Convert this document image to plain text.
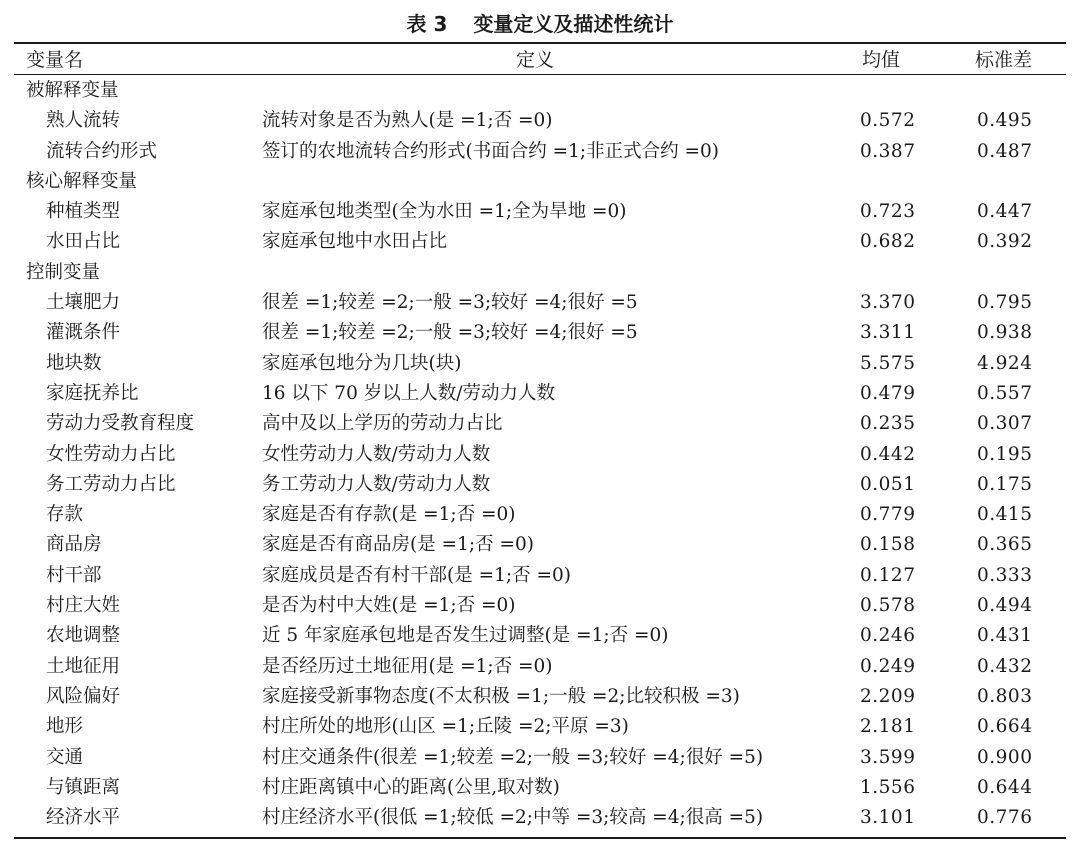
表 3 变量定义及描述性统计
变量名	定义	均值	标准差
被解释变量
熟人流转	流转对象是否为熟人(是 =1;否 =0)	0.572	0.495
流转合约形式	签订的农地流转合约形式(书面合约 =1;非正式合约 =0)	0.387	0.487
核心解释变量
种植类型	家庭承包地类型(全为水田 =1;全为旱地 =0)	0.723	0.447
水田占比	家庭承包地中水田占比	0.682	0.392
控制变量
土壤肥力	很差 =1;较差 =2;一般 =3;较好 =4;很好 =5	3.370	0.795
灌溉条件	很差 =1;较差 =2;一般 =3;较好 =4;很好 =5	3.311	0.938
地块数	家庭承包地分为几块(块)	5.575	4.924
家庭抚养比	16 以下 70 岁以上人数/劳动力人数	0.479	0.557
劳动力受教育程度	高中及以上学历的劳动力占比	0.235	0.307
女性劳动力占比	女性劳动力人数/劳动力人数	0.442	0.195
务工劳动力占比	务工劳动力人数/劳动力人数	0.051	0.175
存款	家庭是否有存款(是 =1;否 =0)	0.779	0.415
商品房	家庭是否有商品房(是 =1;否 =0)	0.158	0.365
村干部	家庭成员是否有村干部(是 =1;否 =0)	0.127	0.333
村庄大姓	是否为村中大姓(是 =1;否 =0)	0.578	0.494
农地调整	近 5 年家庭承包地是否发生过调整(是 =1;否 =0)	0.246	0.431
土地征用	是否经历过土地征用(是 =1;否 =0)	0.249	0.432
风险偏好	家庭接受新事物态度(不太积极 =1;一般 =2;比较积极 =3)	2.209	0.803
地形	村庄所处的地形(山区 =1;丘陵 =2;平原 =3)	2.181	0.664
交通	村庄交通条件(很差 =1;较差 =2;一般 =3;较好 =4;很好 =5)	3.599	0.900
与镇距离	村庄距离镇中心的距离(公里,取对数)	1.556	0.644
经济水平	村庄经济水平(很低 =1;较低 =2;中等 =3;较高 =4;很高 =5)	3.101	0.776
